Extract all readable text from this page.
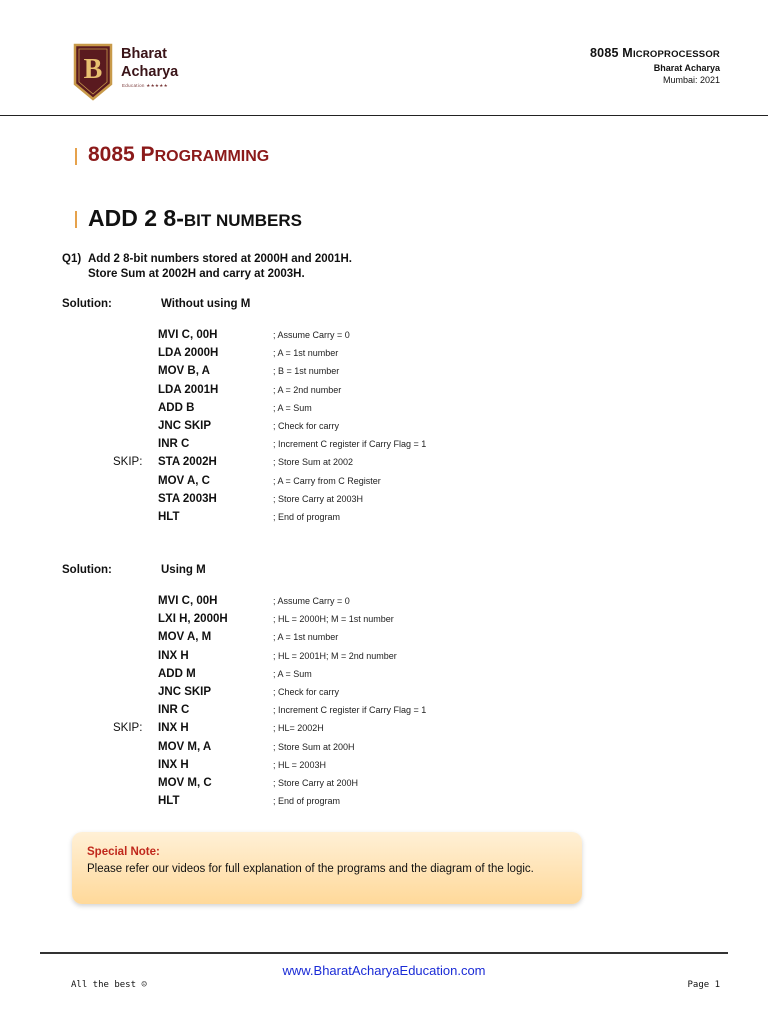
B Bharat
Acharya
Education ★★★★★
8085 MICROPROCESSOR
Bharat Acharya
Mumbai: 2021
8085 PROGRAMMING
ADD 2 8-BIT NUMBERS
Q1) Add 2 8-bit numbers stored at 2000H and 2001H.
Store Sum at 2002H and carry at 2003H.
Solution:	Without using M
MVI C, 00H	; Assume Carry = 0
LDA 2000H	; A = 1st number
MOV B, A	; B = 1st number
LDA 2001H	; A = 2nd number
ADD B	; A = Sum
JNC SKIP	; Check for carry
INR C	; Increment C register if Carry Flag = 1
SKIP: STA 2002H	; Store Sum at 2002
MOV A, C	; A = Carry from C Register
STA 2003H	; Store Carry at 2003H
HLT	; End of program
Solution:	Using M
MVI C, 00H	; Assume Carry = 0
LXI H, 2000H	; HL = 2000H; M = 1st number
MOV A, M	; A = 1st number
INX H	; HL = 2001H; M = 2nd number
ADD M	; A = Sum
JNC SKIP	; Check for carry
INR C	; Increment C register if Carry Flag = 1
SKIP: INX H	; HL= 2002H
MOV M, A	; Store Sum at 200H
INX H	; HL = 2003H
MOV M, C	; Store Carry at 200H
HLT	; End of program
Special Note:
Please refer our videos for full explanation of the programs and the diagram of the logic.
www.BharatAcharyaEducation.com
All the best ☺	Page 1
